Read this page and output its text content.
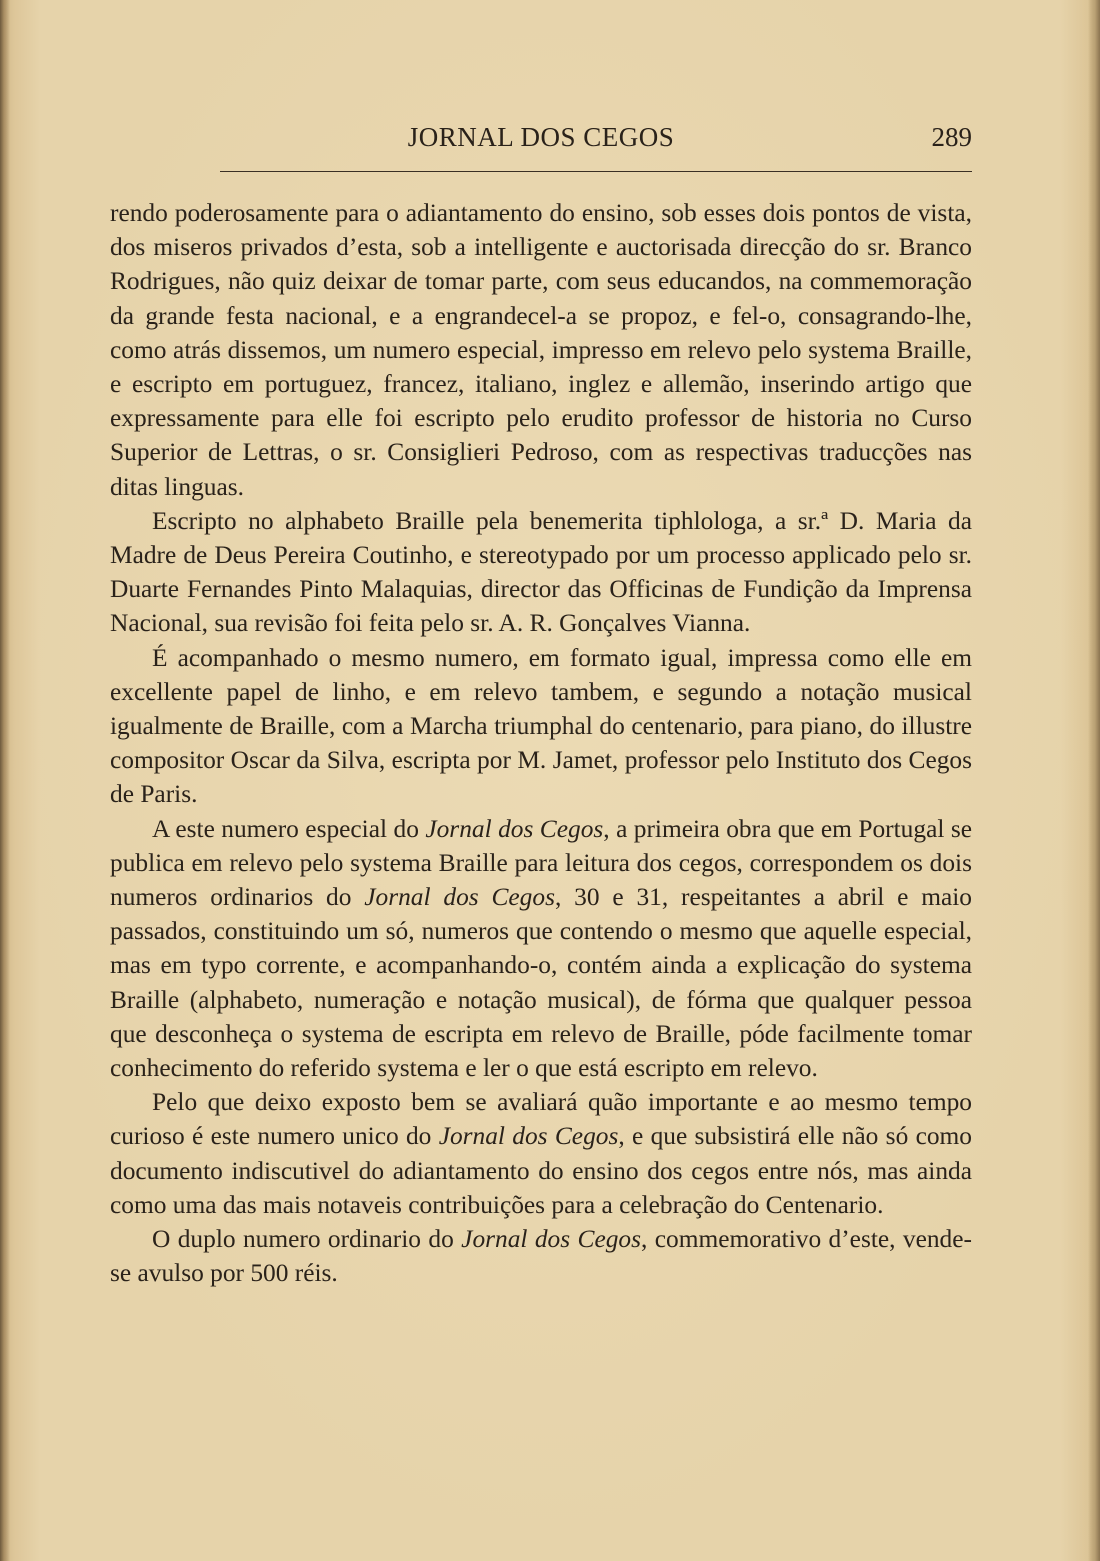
JORNAL DOS CEGOS	289

rendo poderosamente para o adiantamento do ensino, sob esses dois pontos de vista, dos miseros privados d’esta, sob a intelligente e auctorisada direcção do sr. Branco Rodrigues, não quiz deixar de tomar parte, com seus educandos, na commemoração da grande festa nacional, e a engrandecel-a se propoz, e fel-o, consagrando-lhe, como atrás dissemos, um numero especial, impresso em relevo pelo systema Braille, e escripto em portuguez, francez, italiano, inglez e allemão, inserindo artigo que expressamente para elle foi escripto pelo erudito professor de historia no Curso Superior de Lettras, o sr. Consiglieri Pedroso, com as respectivas traducções nas ditas linguas.

Escripto no alphabeto Braille pela benemerita tiphlologa, a sr.ª D. Maria da Madre de Deus Pereira Coutinho, e stereotypado por um processo applicado pelo sr. Duarte Fernandes Pinto Malaquias, director das Officinas de Fundição da Imprensa Nacional, sua revisão foi feita pelo sr. A. R. Gonçalves Vianna.

É acompanhado o mesmo numero, em formato igual, impressa como elle em excellente papel de linho, e em relevo tambem, e segundo a notação musical igualmente de Braille, com a Marcha triumphal do centenario, para piano, do illustre compositor Oscar da Silva, escripta por M. Jamet, professor pelo Instituto dos Cegos de Paris.

A este numero especial do Jornal dos Cegos, a primeira obra que em Portugal se publica em relevo pelo systema Braille para leitura dos cegos, correspondem os dois numeros ordinarios do Jornal dos Cegos, 30 e 31, respeitantes a abril e maio passados, constituindo um só, numeros que contendo o mesmo que aquelle especial, mas em typo corrente, e acompanhando-o, contém ainda a explicação do systema Braille (alphabeto, numeração e notação musical), de fórma que qualquer pessoa que desconheça o systema de escripta em relevo de Braille, póde facilmente tomar conhecimento do referido systema e ler o que está escripto em relevo.

Pelo que deixo exposto bem se avaliará quão importante e ao mesmo tempo curioso é este numero unico do Jornal dos Cegos, e que subsistirá elle não só como documento indiscutivel do adiantamento do ensino dos cegos entre nós, mas ainda como uma das mais notaveis contribuições para a celebração do Centenario.

O duplo numero ordinario do Jornal dos Cegos, commemorativo d’este, vende-se avulso por 500 réis.
